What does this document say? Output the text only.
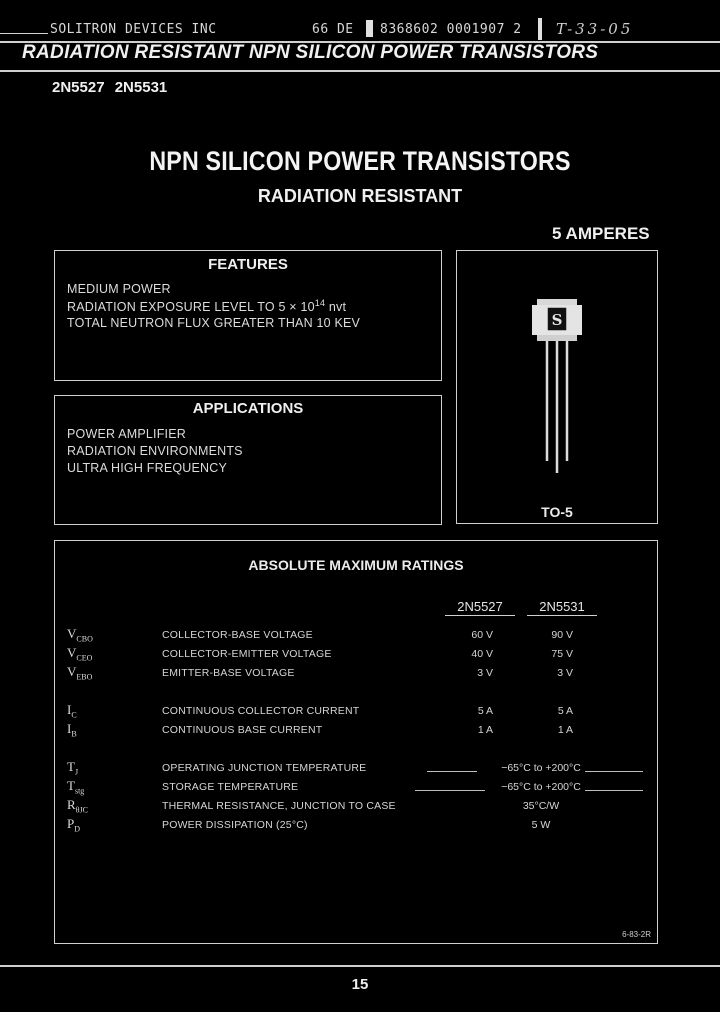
SOLITRON DEVICES INC	66 DE 8368602 0001907 2 T-33-05
RADIATION RESISTANT NPN SILICON POWER TRANSISTORS
2N5527 2N5531
NPN SILICON POWER TRANSISTORS
RADIATION RESISTANT
5 AMPERES
FEATURES
MEDIUM POWER
RADIATION EXPOSURE LEVEL TO $5 \times 10^{14}$ nvt
TOTAL NEUTRON FLUX GREATER THAN 10 KEV
APPLICATIONS
POWER AMPLIFIER
RADIATION ENVIRONMENTS
ULTRA HIGH FREQUENCY
S
TO-5
ABSOLUTE MAXIMUM RATINGS
2N5527	2N5531
$V_{CBO}$	COLLECTOR-BASE VOLTAGE	60 V	90 V
$V_{CEO}$	COLLECTOR-EMITTER VOLTAGE	40 V	75 V
$V_{EBO}$	EMITTER-BASE VOLTAGE	3 V	3 V
$I_C$	CONTINUOUS COLLECTOR CURRENT	5 A	5 A
$I_B$	CONTINUOUS BASE CURRENT	1 A	1 A
$T_J$	OPERATING JUNCTION TEMPERATURE	−65°C to +200°C
$T_{stg}$	STORAGE TEMPERATURE	−65°C to +200°C
$R_{\theta JC}$	THERMAL RESISTANCE, JUNCTION TO CASE	35°C/W
$P_D$	POWER DISSIPATION (25°C)	5 W
6-83-2R
15
